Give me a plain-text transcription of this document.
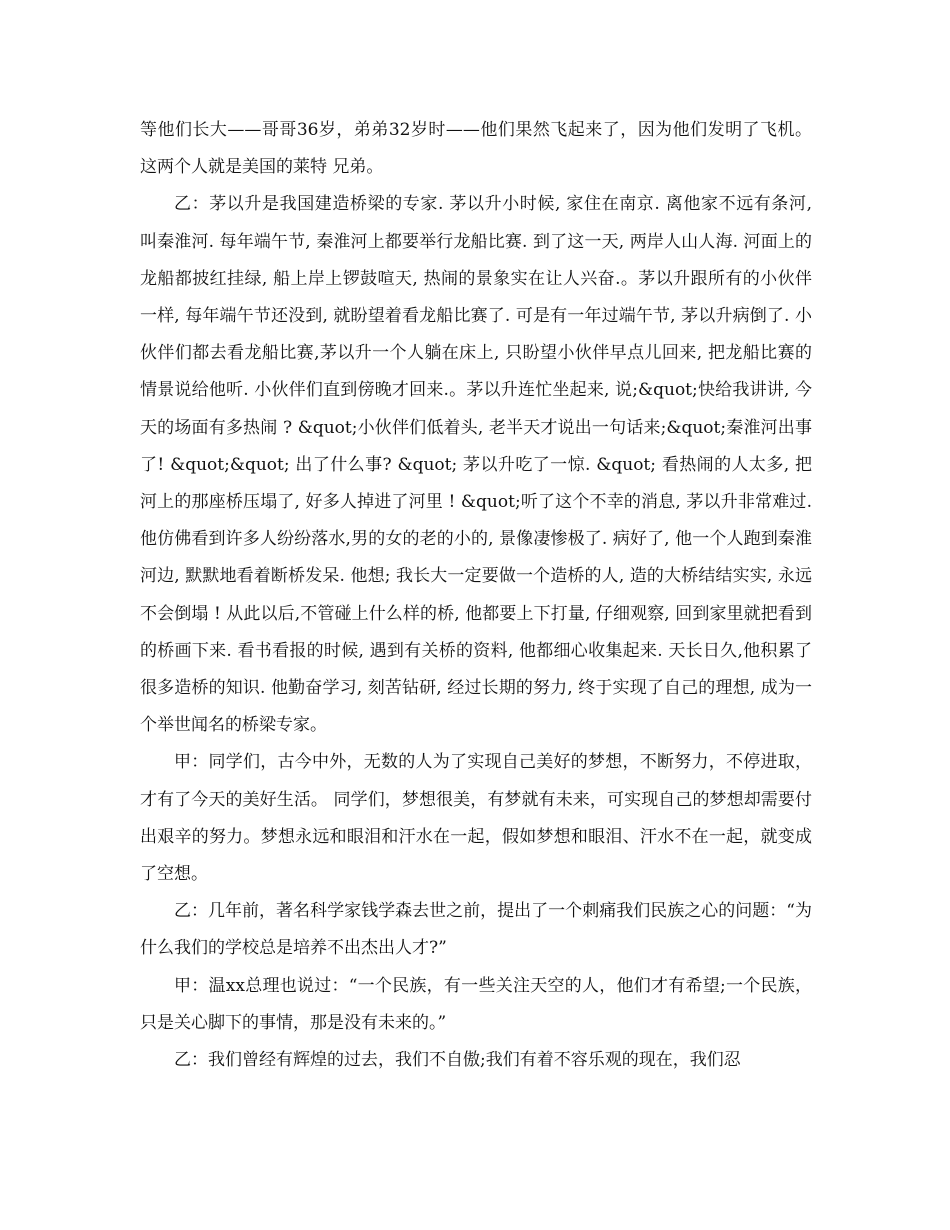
等他们长大——哥哥36岁，弟弟32岁时——他们果然飞起来了，因为他们发明了飞机。这两个人就是美国的莱特 兄弟。

乙：茅以升是我国建造桥梁的专家. 茅以升小时候, 家住在南京. 离他家不远有条河, 叫秦淮河. 每年端午节, 秦淮河上都要举行龙船比赛. 到了这一天, 两岸人山人海. 河面上的龙船都披红挂绿, 船上岸上锣鼓喧天, 热闹的景象实在让人兴奋.。茅以升跟所有的小伙伴一样, 每年端午节还没到, 就盼望着看龙船比赛了. 可是有一年过端午节, 茅以升病倒了. 小伙伴们都去看龙船比赛,茅以升一个人躺在床上, 只盼望小伙伴早点儿回来, 把龙船比赛的情景说给他听. 小伙伴们直到傍晚才回来.。茅以升连忙坐起来, 说;&quot;快给我讲讲, 今天的场面有多热闹 ? &quot;小伙伴们低着头, 老半天才说出一句话来;&quot;秦淮河出事了! &quot;&quot; 出了什么事? &quot; 茅以升吃了一惊. &quot; 看热闹的人太多, 把河上的那座桥压塌了, 好多人掉进了河里 ! &quot;听了这个不幸的消息, 茅以升非常难过. 他仿佛看到许多人纷纷落水,男的女的老的小的, 景像凄惨极了. 病好了, 他一个人跑到秦淮河边, 默默地看着断桥发呆. 他想; 我长大一定要做一个造桥的人, 造的大桥结结实实, 永远不会倒塌 ! 从此以后,不管碰上什么样的桥, 他都要上下打量, 仔细观察, 回到家里就把看到的桥画下来. 看书看报的时候, 遇到有关桥的资料, 他都细心收集起来. 天长日久,他积累了很多造桥的知识. 他勤奋学习, 刻苦钻研, 经过长期的努力, 终于实现了自己的理想, 成为一个举世闻名的桥梁专家。

甲：同学们，古今中外，无数的人为了实现自己美好的梦想，不断努力，不停进取，才有了今天的美好生活。 同学们，梦想很美，有梦就有未来，可实现自己的梦想却需要付出艰辛的努力。梦想永远和眼泪和汗水在一起，假如梦想和眼泪、汗水不在一起，就变成了空想。

乙：几年前，著名科学家钱学森去世之前，提出了一个刺痛我们民族之心的问题：“为什么我们的学校总是培养不出杰出人才?”

甲：温xx总理也说过：“一个民族，有一些关注天空的人，他们才有希望;一个民族，只是关心脚下的事情，那是没有未来的。”

乙：我们曾经有辉煌的过去，我们不自傲;我们有着不容乐观的现在，我们忍
